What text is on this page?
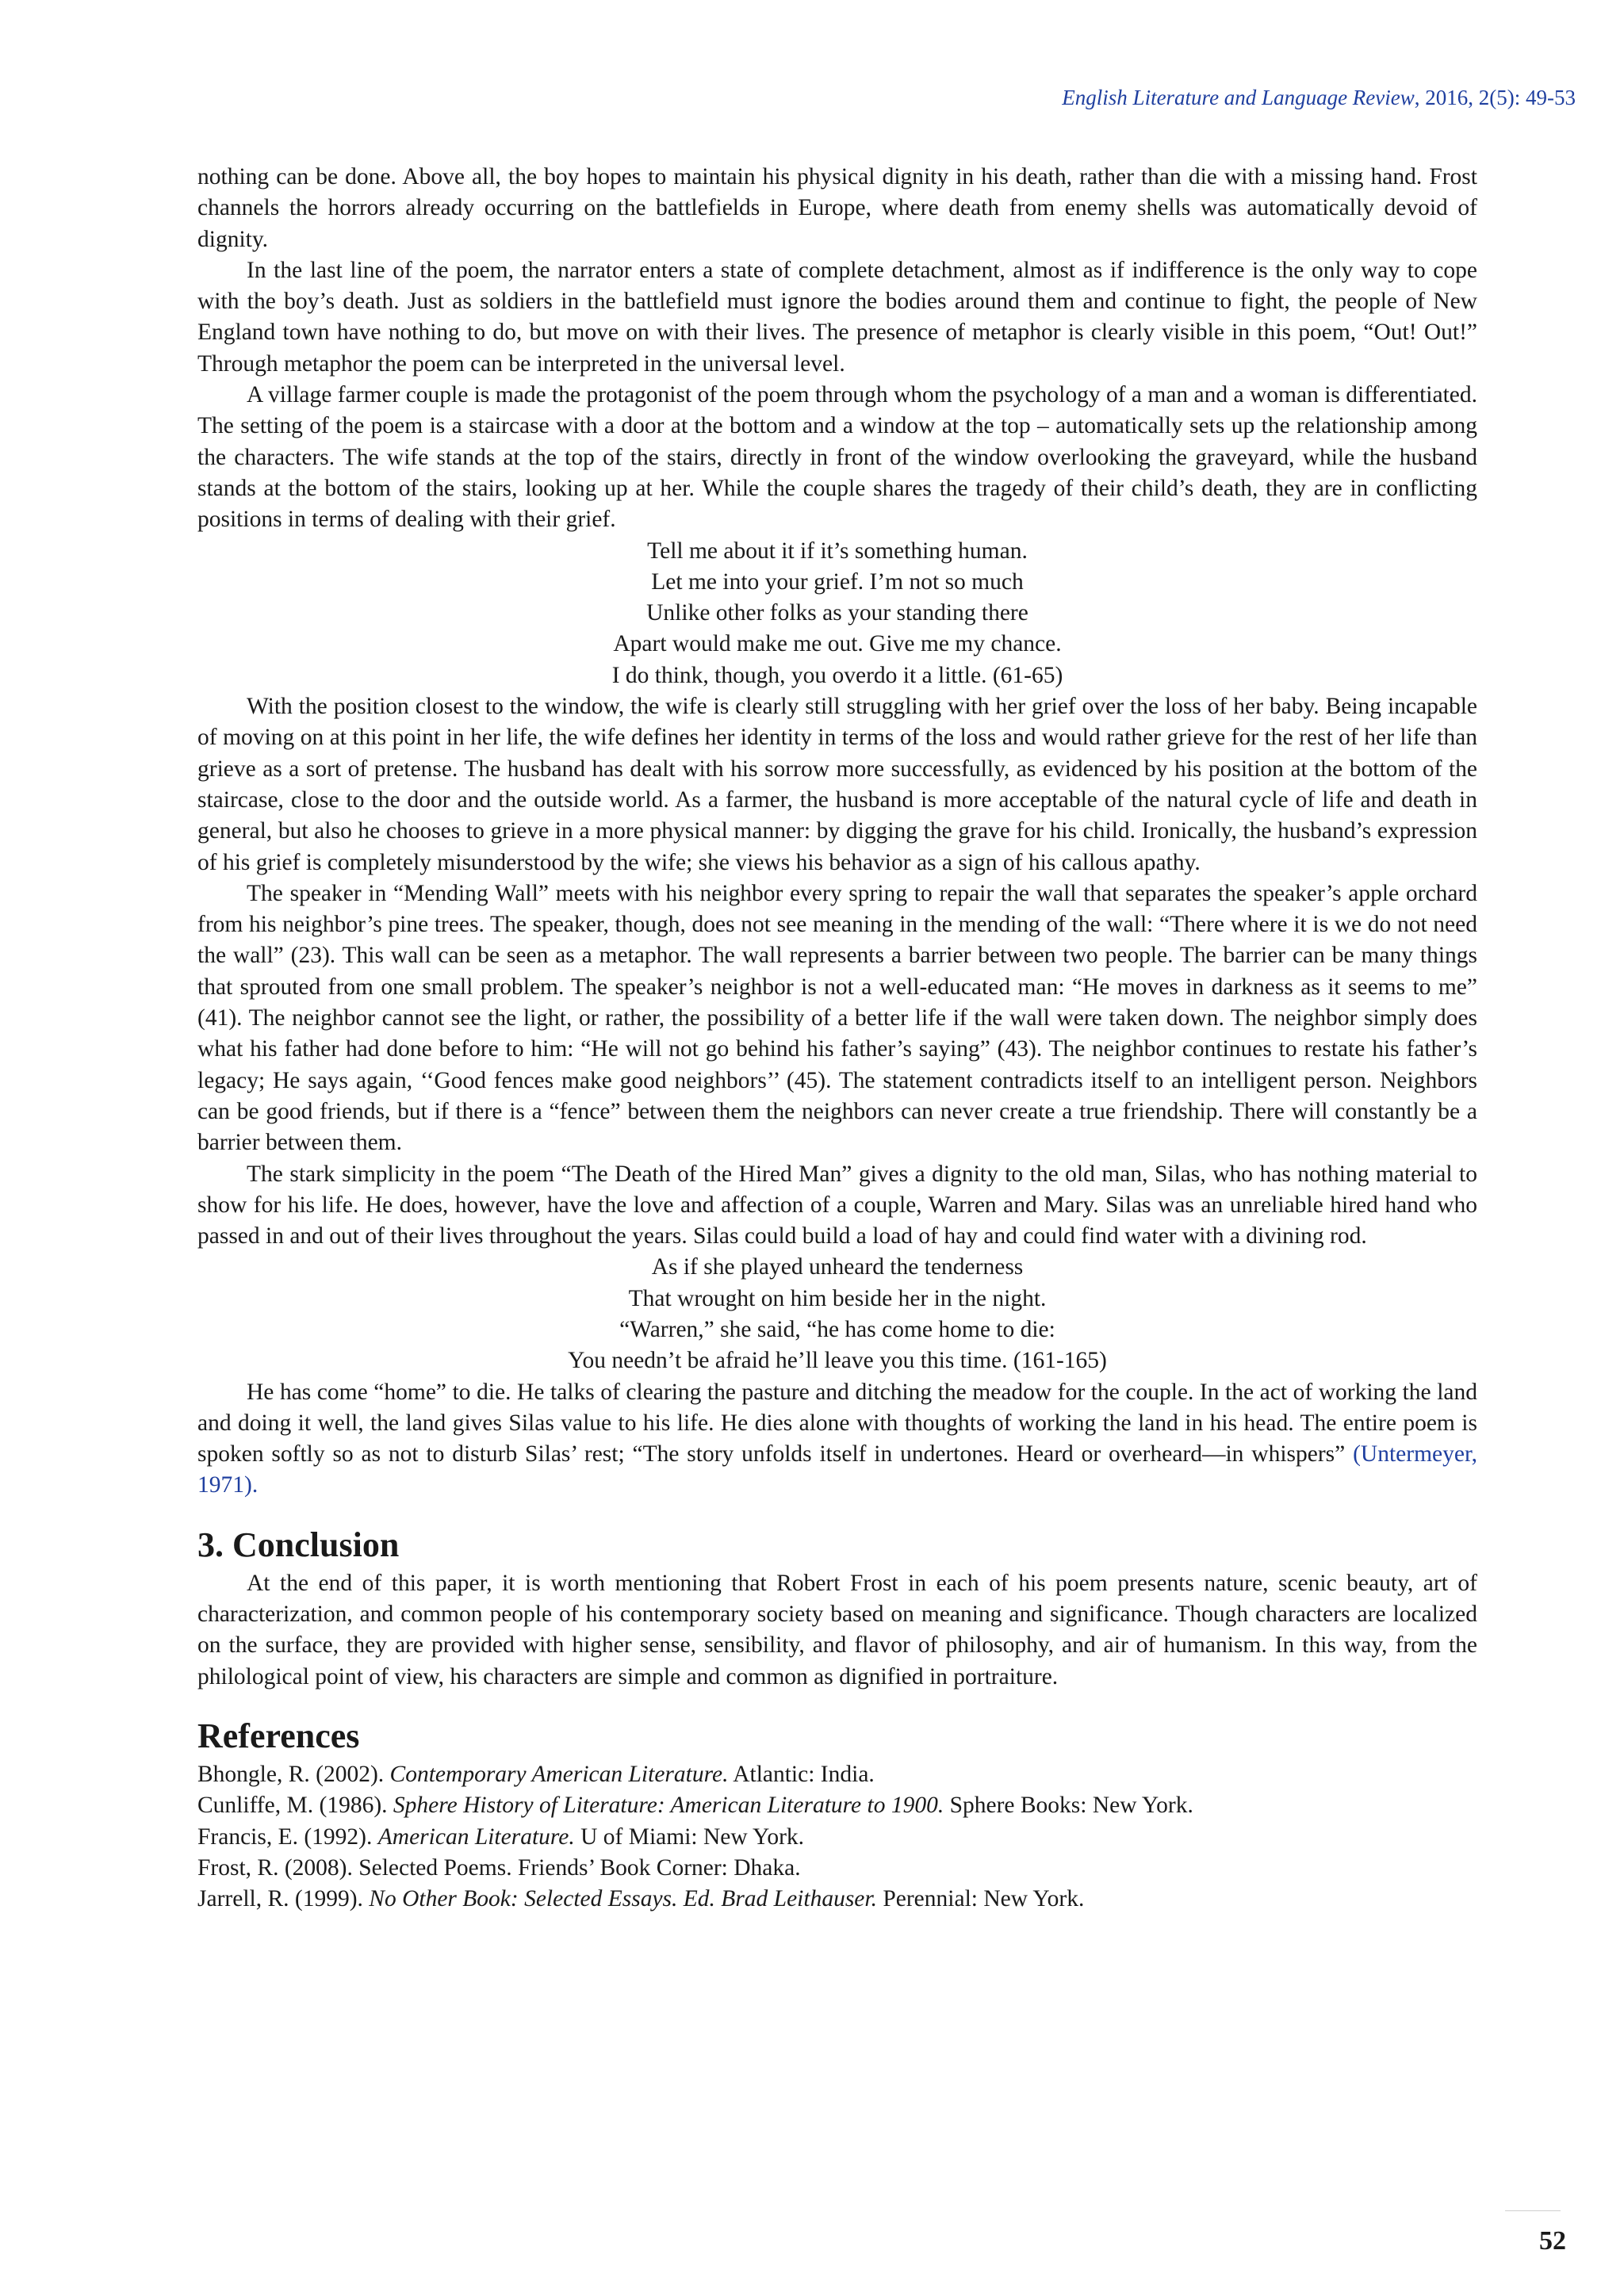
English Literature and Language Review, 2016, 2(5): 49-53

nothing can be done. Above all, the boy hopes to maintain his physical dignity in his death, rather than die with a missing hand. Frost channels the horrors already occurring on the battlefields in Europe, where death from enemy shells was automatically devoid of dignity.

In the last line of the poem, the narrator enters a state of complete detachment, almost as if indifference is the only way to cope with the boy’s death. Just as soldiers in the battlefield must ignore the bodies around them and continue to fight, the people of New England town have nothing to do, but move on with their lives. The presence of metaphor is clearly visible in this poem, “Out! Out!” Through metaphor the poem can be interpreted in the universal level.

A village farmer couple is made the protagonist of the poem through whom the psychology of a man and a woman is differentiated. The setting of the poem is a staircase with a door at the bottom and a window at the top – automatically sets up the relationship among the characters. The wife stands at the top of the stairs, directly in front of the window overlooking the graveyard, while the husband stands at the bottom of the stairs, looking up at her. While the couple shares the tragedy of their child’s death, they are in conflicting positions in terms of dealing with their grief.

Tell me about it if it’s something human.
Let me into your grief. I’m not so much
Unlike other folks as your standing there
Apart would make me out. Give me my chance.
I do think, though, you overdo it a little. (61-65)

With the position closest to the window, the wife is clearly still struggling with her grief over the loss of her baby. Being incapable of moving on at this point in her life, the wife defines her identity in terms of the loss and would rather grieve for the rest of her life than grieve as a sort of pretense. The husband has dealt with his sorrow more successfully, as evidenced by his position at the bottom of the staircase, close to the door and the outside world. As a farmer, the husband is more acceptable of the natural cycle of life and death in general, but also he chooses to grieve in a more physical manner: by digging the grave for his child. Ironically, the husband’s expression of his grief is completely misunderstood by the wife; she views his behavior as a sign of his callous apathy.

The speaker in “Mending Wall” meets with his neighbor every spring to repair the wall that separates the speaker’s apple orchard from his neighbor’s pine trees. The speaker, though, does not see meaning in the mending of the wall: “There where it is we do not need the wall” (23). This wall can be seen as a metaphor. The wall represents a barrier between two people. The barrier can be many things that sprouted from one small problem. The speaker’s neighbor is not a well-educated man: “He moves in darkness as it seems to me” (41). The neighbor cannot see the light, or rather, the possibility of a better life if the wall were taken down. The neighbor simply does what his father had done before to him: “He will not go behind his father’s saying” (43). The neighbor continues to restate his father’s legacy; He says again, ‘‘Good fences make good neighbors’’ (45). The statement contradicts itself to an intelligent person. Neighbors can be good friends, but if there is a “fence” between them the neighbors can never create a true friendship. There will constantly be a barrier between them.

The stark simplicity in the poem “The Death of the Hired Man” gives a dignity to the old man, Silas, who has nothing material to show for his life. He does, however, have the love and affection of a couple, Warren and Mary. Silas was an unreliable hired hand who passed in and out of their lives throughout the years. Silas could build a load of hay and could find water with a divining rod.

As if she played unheard the tenderness
That wrought on him beside her in the night.
“Warren,” she said, “he has come home to die:
You needn’t be afraid he’ll leave you this time. (161-165)

He has come “home” to die. He talks of clearing the pasture and ditching the meadow for the couple. In the act of working the land and doing it well, the land gives Silas value to his life. He dies alone with thoughts of working the land in his head. The entire poem is spoken softly so as not to disturb Silas’ rest; “The story unfolds itself in undertones. Heard or overheard—in whispers” (Untermeyer, 1971).

3. Conclusion

At the end of this paper, it is worth mentioning that Robert Frost in each of his poem presents nature, scenic beauty, art of characterization, and common people of his contemporary society based on meaning and significance. Though characters are localized on the surface, they are provided with higher sense, sensibility, and flavor of philosophy, and air of humanism. In this way, from the philological point of view, his characters are simple and common as dignified in portraiture.

References

Bhongle, R. (2002). Contemporary American Literature. Atlantic: India.

Cunliffe, M. (1986). Sphere History of Literature: American Literature to 1900. Sphere Books: New York.

Francis, E. (1992). American Literature. U of Miami: New York.

Frost, R. (2008). Selected Poems. Friends’ Book Corner: Dhaka.

Jarrell, R. (1999). No Other Book: Selected Essays. Ed. Brad Leithauser. Perennial: New York.

52
